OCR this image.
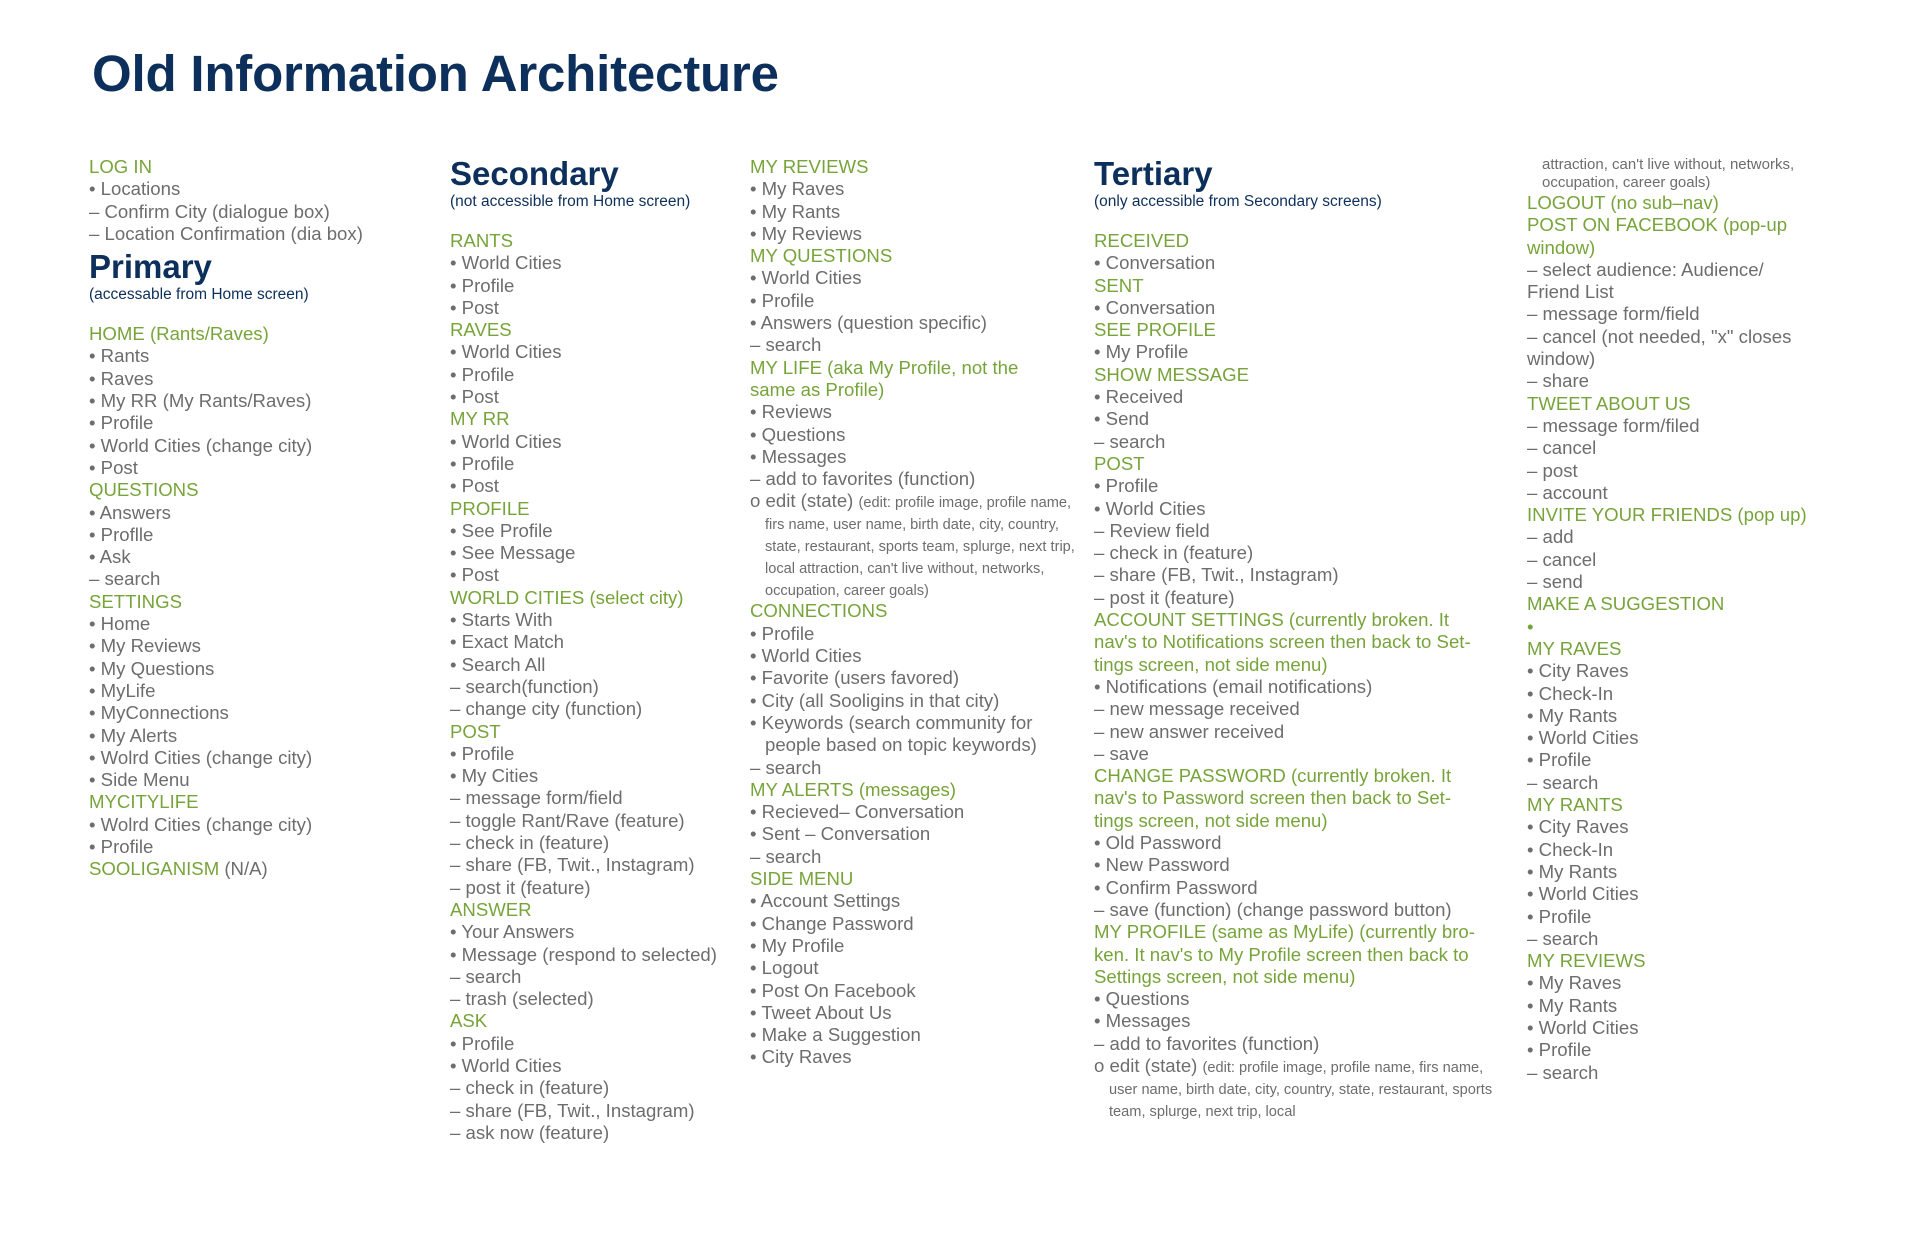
Old Information Architecture
LOG IN
• Locations
– Confirm City (dialogue box)
– Location Confirmation (dia box)
Primary
(accessable from Home screen)
HOME (Rants/Raves)
• Rants
• Raves
• My RR (My Rants/Raves)
• Profile
• World Cities (change city)
• Post
QUESTIONS
• Answers
• Proflle
• Ask
– search
SETTINGS
• Home
• My Reviews
• My Questions
• MyLife
• MyConnections
• My Alerts
• Wolrd Cities (change city)
• Side Menu
MYCITYLIFE
• Wolrd Cities (change city)
• Profile
SOOLIGANISM (N/A)
Secondary
(not accessible from Home screen)
RANTS
• World Cities
• Profile
• Post
RAVES
• World Cities
• Profile
• Post
MY RR
• World Cities
• Profile
• Post
PROFILE
• See Profile
• See Message
• Post
WORLD CITIES (select city)
• Starts With
• Exact Match
• Search All
– search(function)
– change city (function)
POST
• Profile
• My Cities
– message form/field
– toggle Rant/Rave (feature)
– check in (feature)
– share (FB, Twit., Instagram)
– post it (feature)
ANSWER
• Your Answers
• Message (respond to selected)
– search
– trash (selected)
ASK
• Profile
• World Cities
– check in (feature)
– share (FB, Twit., Instagram)
– ask now (feature)
MY REVIEWS
• My Raves
• My Rants
• My Reviews
MY QUESTIONS
• World Cities
• Profile
• Answers (question specific)
– search
MY LIFE (aka My Profile, not the same as Profile)
• Reviews
• Questions
• Messages
– add to favorites (function)
o edit (state) (edit: profile image, profile name, firs name, user name, birth date, city, country, state, restaurant, sports team, splurge, next trip, local attraction, can't live without, networks, occupation, career goals)
CONNECTIONS
• Profile
• World Cities
• Favorite (users favored)
• City (all Sooligins in that city)
• Keywords (search community for people based on topic keywords)
– search
MY ALERTS (messages)
• Recieved– Conversation
• Sent – Conversation
– search
SIDE MENU
• Account Settings
• Change Password
• My Profile
• Logout
• Post On Facebook
• Tweet About Us
• Make a Suggestion
• City Raves
Tertiary
(only accessible from Secondary screens)
RECEIVED
• Conversation
SENT
• Conversation
SEE PROFILE
• My Profile
SHOW MESSAGE
• Received
• Send
– search
POST
• Profile
• World Cities
– Review field
– check in (feature)
– share (FB, Twit., Instagram)
– post it (feature)
ACCOUNT SETTINGS (currently broken. It nav's to Notifications screen then back to Set- tings screen, not side menu)
• Notifications (email notifications)
– new message received
– new answer received
– save
CHANGE PASSWORD (currently broken. It nav's to Password screen then back to Set- tings screen, not side menu)
• Old Password
• New Password
• Confirm Password
– save (function) (change password button)
MY PROFILE (same as MyLife) (currently bro- ken. It nav's to My Profile screen then back to Settings screen, not side menu)
• Questions
• Messages
– add to favorites (function)
o edit (state) (edit: profile image, profile name, firs name, user name, birth date, city, country, state, restaurant, sports team, splurge, next trip, local
attraction, can't live without, networks, occupation, career goals)
LOGOUT (no sub–nav)
POST ON FACEBOOK (pop-up window)
– select audience: Audience/ Friend List
– message form/field
– cancel (not needed, "x" closes window)
– share
TWEET ABOUT US
– message form/filed
– cancel
– post
– account
INVITE YOUR FRIENDS (pop up)
– add
– cancel
– send
MAKE A SUGGESTION
•
MY RAVES
• City Raves
• Check-In
• My Rants
• World Cities
• Profile
– search
MY RANTS
• City Raves
• Check-In
• My Rants
• World Cities
• Profile
– search
MY REVIEWS
• My Raves
• My Rants
• World Cities
• Profile
– search
